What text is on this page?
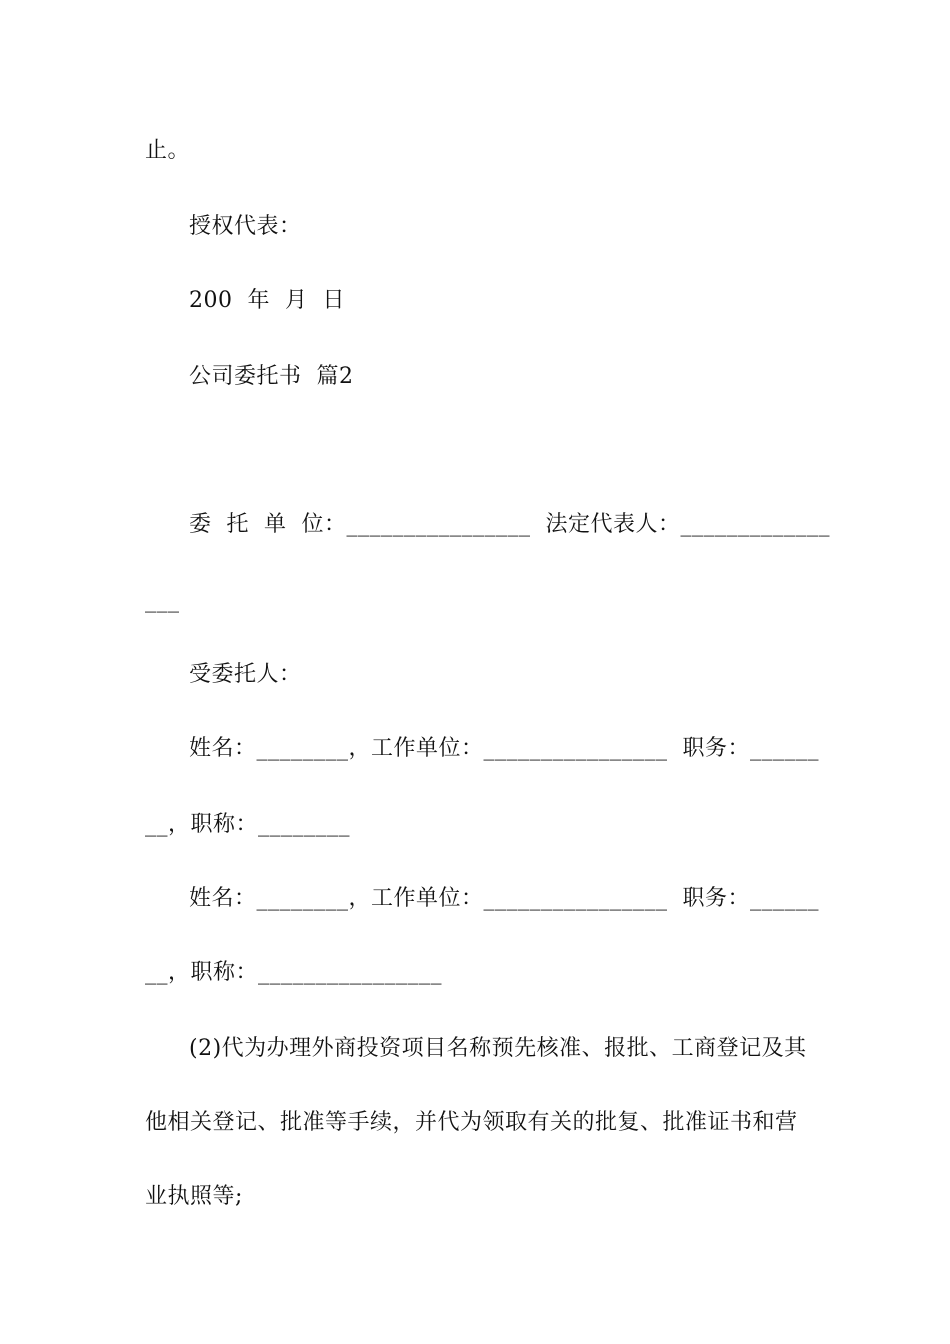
止。
授权代表：
200  年  月  日
公司委托书  篇2
委  托  单  位：________________  法定代表人：_____________
___
受委托人：
姓名：________，工作单位：________________  职务：______
__，职称：________
姓名：________，工作单位：________________  职务：______
__，职称：________________
(2)代为办理外商投资项目名称预先核准、报批、工商登记及其
他相关登记、批准等手续，并代为领取有关的批复、批准证书和营
业执照等;
